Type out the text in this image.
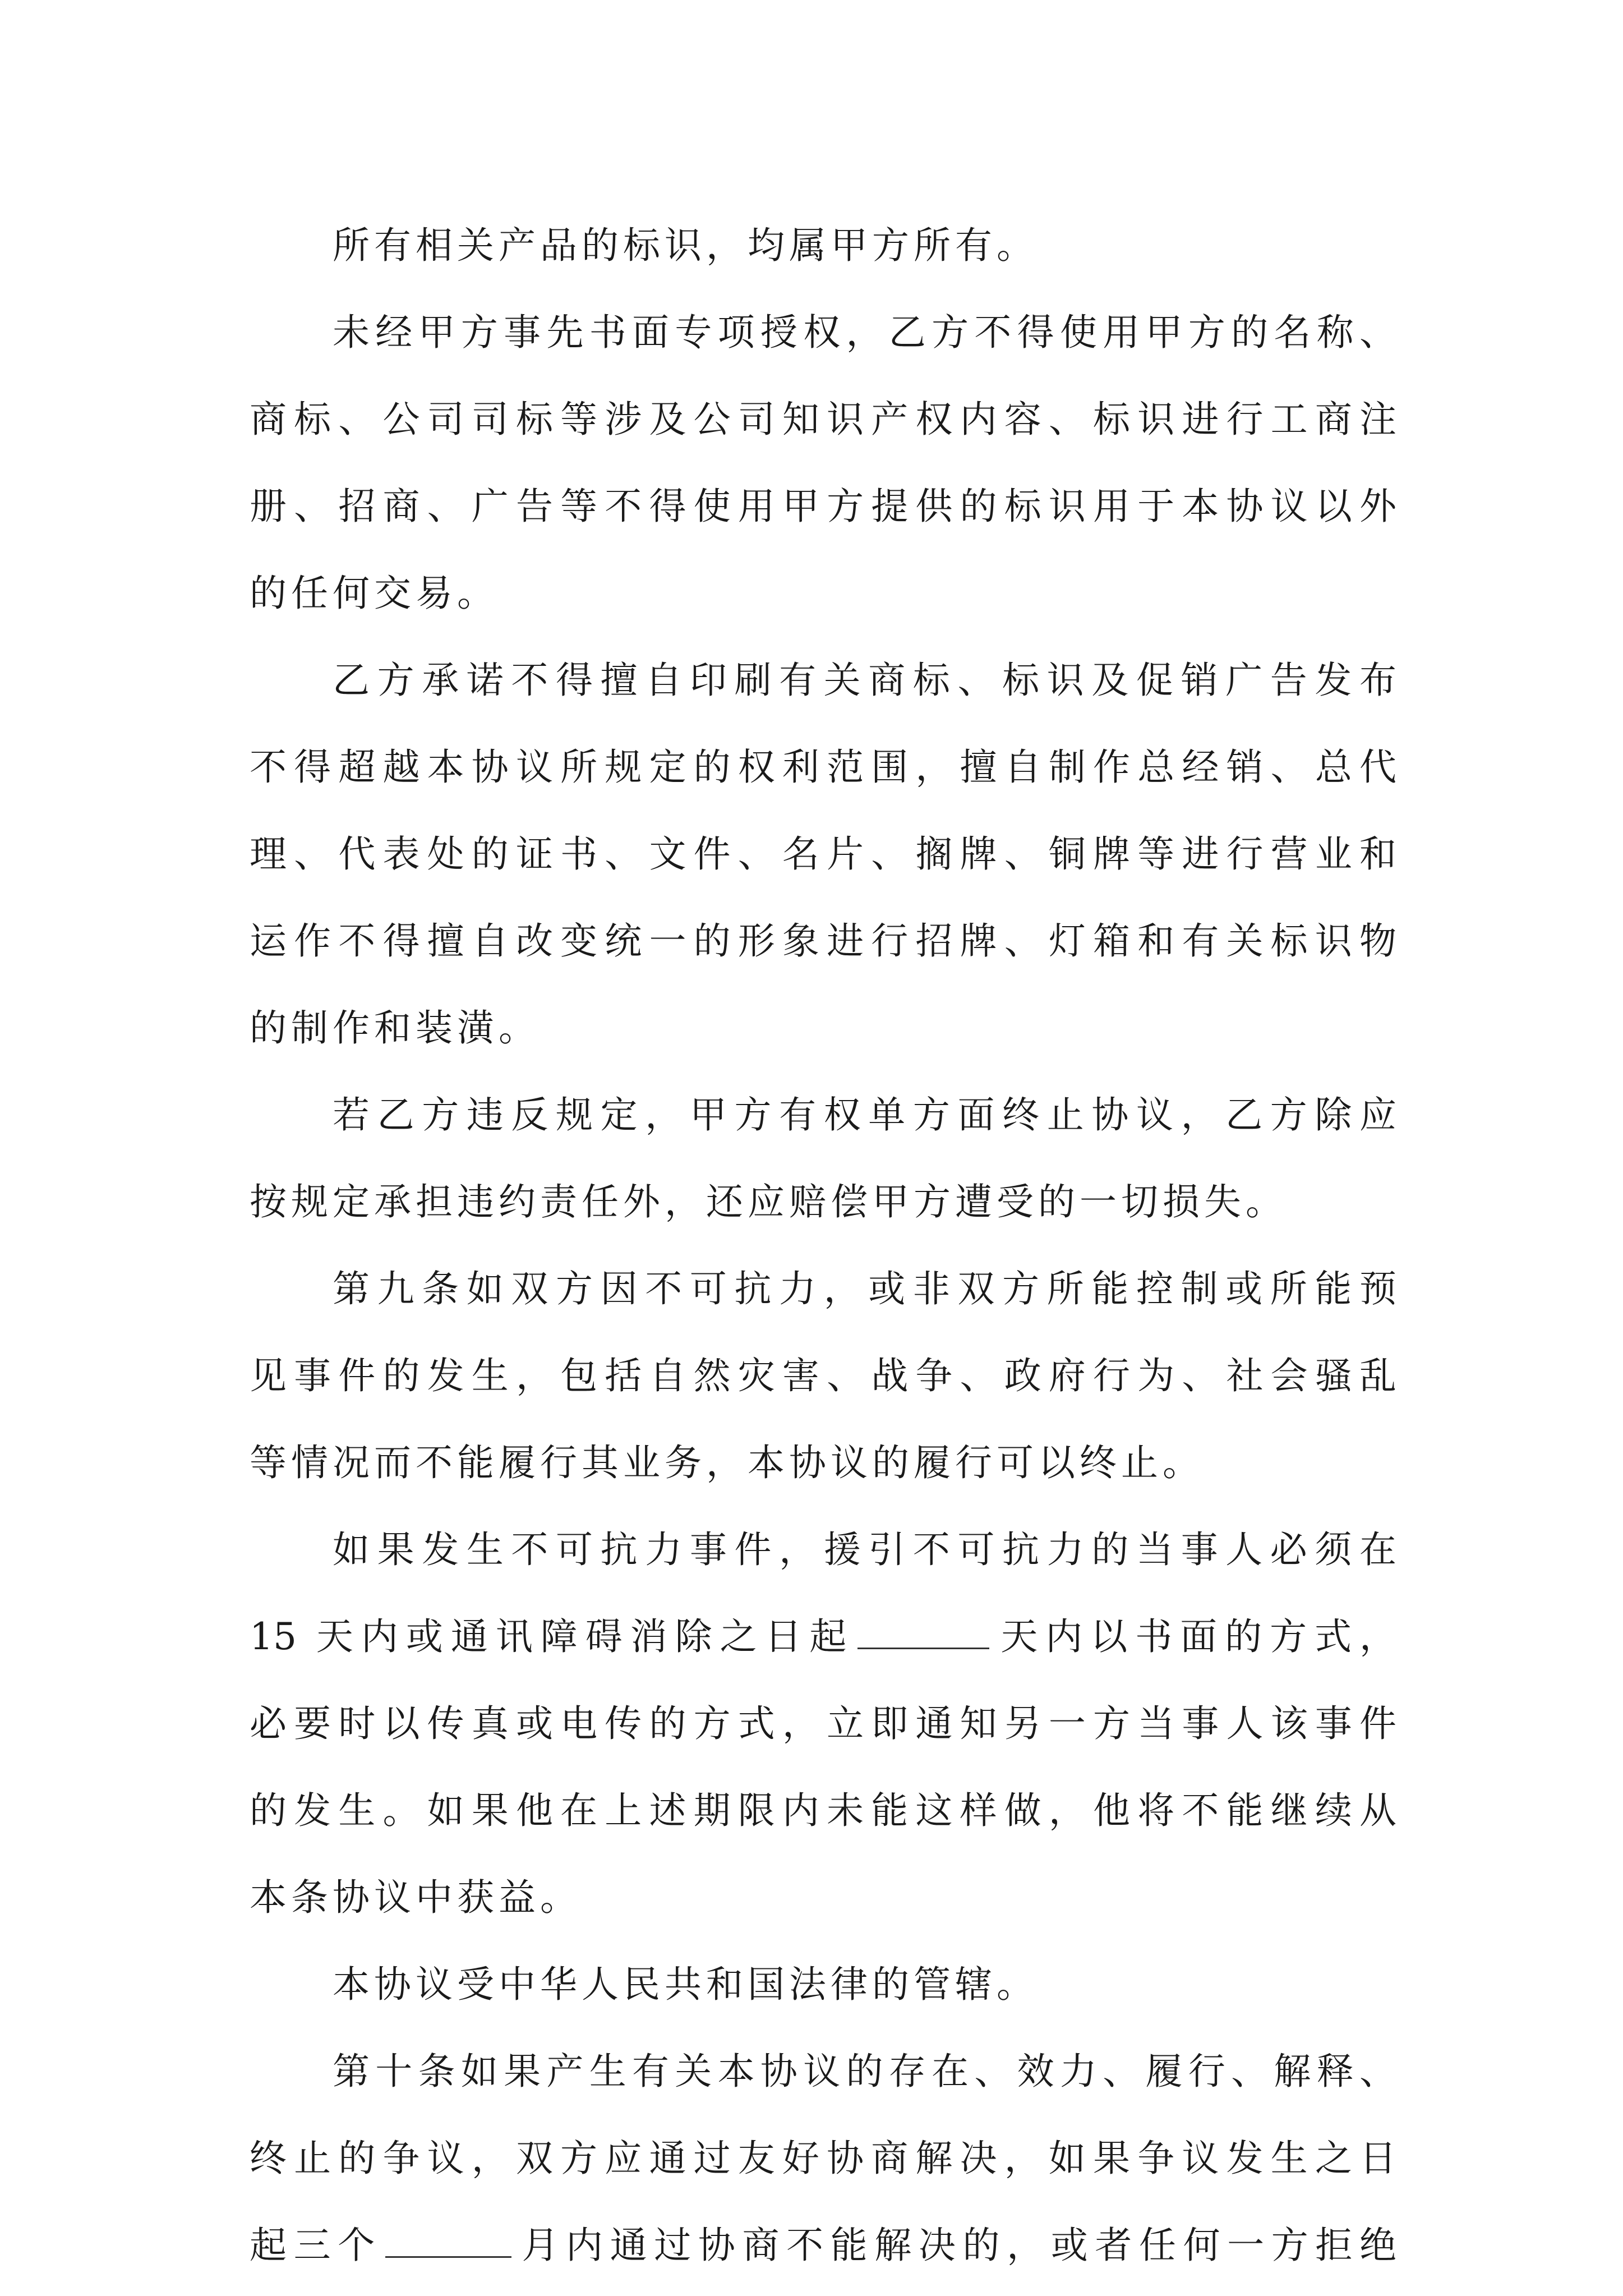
所有相关产品的标识，均属甲方所有。
未经甲方事先书面专项授权，乙方不得使用甲方的名称、
商标、公司司标等涉及公司知识产权内容、标识进行工商注
册、招商、广告等不得使用甲方提供的标识用于本协议以外
的任何交易。
乙方承诺不得擅自印刷有关商标、标识及促销广告发布
不得超越本协议所规定的权利范围，擅自制作总经销、总代
理、代表处的证书、文件、名片、搁牌、铜牌等进行营业和
运作不得擅自改变统一的形象进行招牌、灯箱和有关标识物
的制作和装潢。
若乙方违反规定，甲方有权单方面终止协议，乙方除应
按规定承担违约责任外，还应赔偿甲方遭受的一切损失。
第九条如双方因不可抗力，或非双方所能控制或所能预
见事件的发生，包括自然灾害、战争、政府行为、社会骚乱
等情况而不能履行其业务，本协议的履行可以终止。
如果发生不可抗力事件，援引不可抗力的当事人必须在
15 天内或通讯障碍消除之日起	天内以书面的方式，
必要时以传真或电传的方式，立即通知另一方当事人该事件
的发生。如果他在上述期限内未能这样做，他将不能继续从
本条协议中获益。
本协议受中华人民共和国法律的管辖。
第十条如果产生有关本协议的存在、效力、履行、解释、
终止的争议，双方应通过友好协商解决，如果争议发生之日
起三个	月内通过协商不能解决的，或者任何一方拒绝
